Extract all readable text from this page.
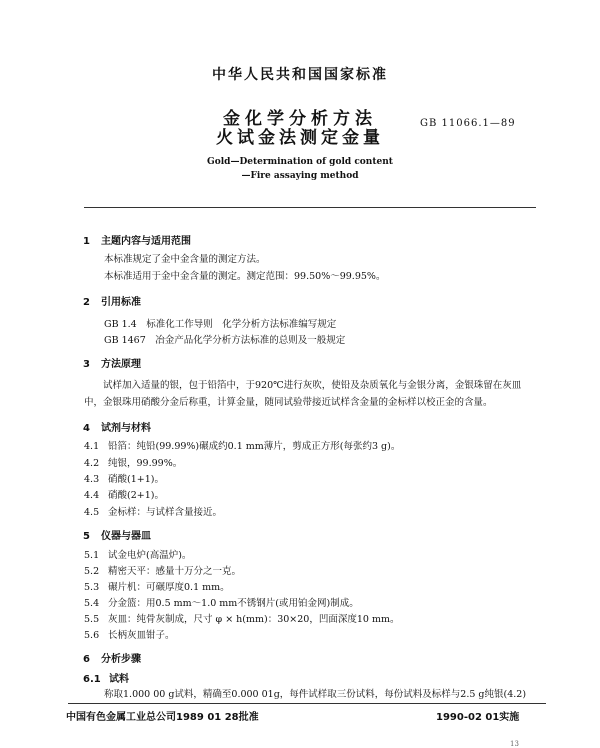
中华人民共和国国家标准
金化学分析方法
火试金法测定金量
GB 11066.1—89
Gold—Determination of gold content
—Fire assaying method
1 主题内容与适用范围
本标准规定了金中金含量的测定方法。
本标准适用于金中金含量的测定。测定范围：99.50%～99.95%。
2 引用标准
GB 1.4　标准化工作导则　化学分析方法标准编写规定
GB 1467　冶金产品化学分析方法标准的总则及一般规定
3 方法原理
试样加入适量的银，包于铅箔中，于920℃进行灰吹，使铅及杂质氧化与金银分离，金银珠留在灰皿
中，金银珠用硝酸分金后称重，计算金量，随同试验带接近试样含金量的金标样以校正金的含量。
4 试剂与材料
4.1 铅箔：纯铅(99.99%)碾成约0.1 mm薄片，剪成正方形(每张约3 g)。
4.2 纯银，99.99%。
4.3 硝酸(1+1)。
4.4 硝酸(2+1)。
4.5 金标样：与试样含量接近。
5 仪器与器皿
5.1 试金电炉(高温炉)。
5.2 精密天平：感量十万分之一克。
5.3 碾片机：可碾厚度0.1 mm。
5.4 分金篮：用0.5 mm～1.0 mm不锈钢片(或用铂金网)制成。
5.5 灰皿：纯骨灰制成，尺寸 φ × h(mm)：30×20，凹面深度10 mm。
5.6 长柄灰皿钳子。
6 分析步骤
6.1 试料
称取1.000 00 g试料，精确至0.000 01g，每件试样取三份试料，每份试料及标样与2.5 g纯银(4.2)
中国有色金属工业总公司1989 01 28批准	1990-02 01实施
13
